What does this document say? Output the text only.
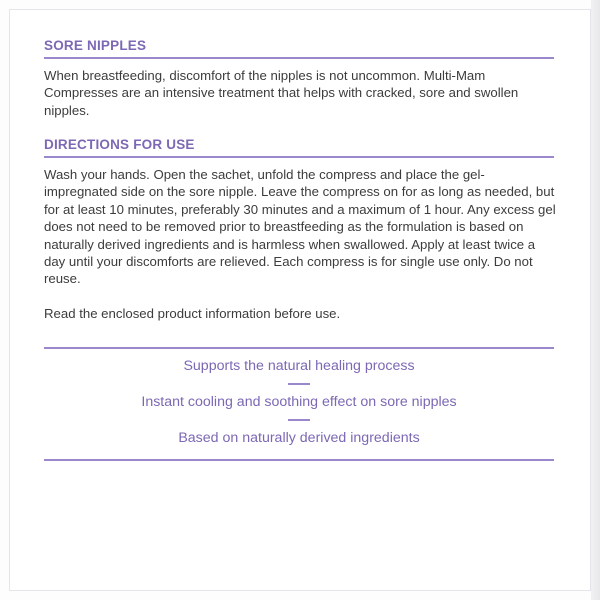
SORE NIPPLES

When breastfeeding, discomfort of the nipples is not uncommon. Multi-Mam Compresses are an intensive treatment that helps with cracked, sore and swollen nipples.

DIRECTIONS FOR USE

Wash your hands. Open the sachet, unfold the compress and place the gel-impregnated side on the sore nipple. Leave the compress on for as long as needed, but for at least 10 minutes, preferably 30 minutes and a maximum of 1 hour. Any excess gel does not need to be removed prior to breastfeeding as the formulation is based on naturally derived ingredients and is harmless when swallowed. Apply at least twice a day until your discomforts are relieved. Each compress is for single use only. Do not reuse.

Read the enclosed product information before use.

Supports the natural healing process
Instant cooling and soothing effect on sore nipples
Based on naturally derived ingredients
